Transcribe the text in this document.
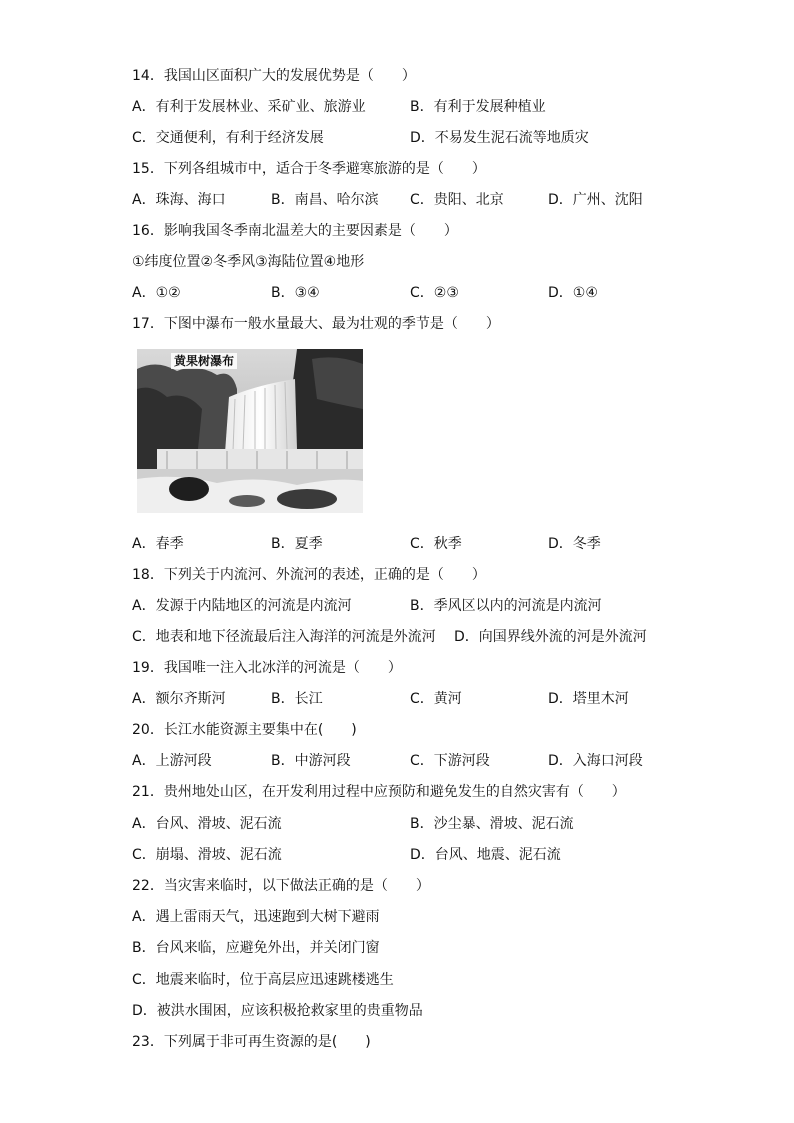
14．我国山区面积广大的发展优势是（　　）
A．有利于发展林业、采矿业、旅游业	B．有利于发展种植业
C．交通便利，有利于经济发展	D．不易发生泥石流等地质灾
15．下列各组城市中，适合于冬季避寒旅游的是（　　）
A．珠海、海口	B．南昌、哈尔滨 C．贵阳、北京	D．广州、沈阳
16．影响我国冬季南北温差大的主要因素是（　　）
①纬度位置②冬季风③海陆位置④地形
A．①②	B．③④	C．②③	D．①④
17．下图中瀑布一般水量最大、最为壮观的季节是（　　）
黄果树瀑布
A．春季	B．夏季	C．秋季	D．冬季
18．下列关于内流河、外流河的表述，正确的是（　　）
A．发源于内陆地区的河流是内流河	B．季风区以内的河流是内流河
C．地表和地下径流最后注入海洋的河流是外流河 D．向国界线外流的河是外流河
19．我国唯一注入北冰洋的河流是（　　）
A．额尔齐斯河	B．长江	C．黄河	D．塔里木河
20．长江水能资源主要集中在(　　)
A．上游河段	B．中游河段	C．下游河段	D．入海口河段
21．贵州地处山区，在开发利用过程中应预防和避免发生的自然灾害有（　　）
A．台风、滑坡、泥石流	B．沙尘暴、滑坡、泥石流
C．崩塌、滑坡、泥石流	D．台风、地震、泥石流
22．当灾害来临时，以下做法正确的是（　　）
A．遇上雷雨天气，迅速跑到大树下避雨
B．台风来临，应避免外出，并关闭门窗
C．地震来临时，位于高层应迅速跳楼逃生
D．被洪水围困，应该积极抢救家里的贵重物品
23．下列属于非可再生资源的是(　　)
